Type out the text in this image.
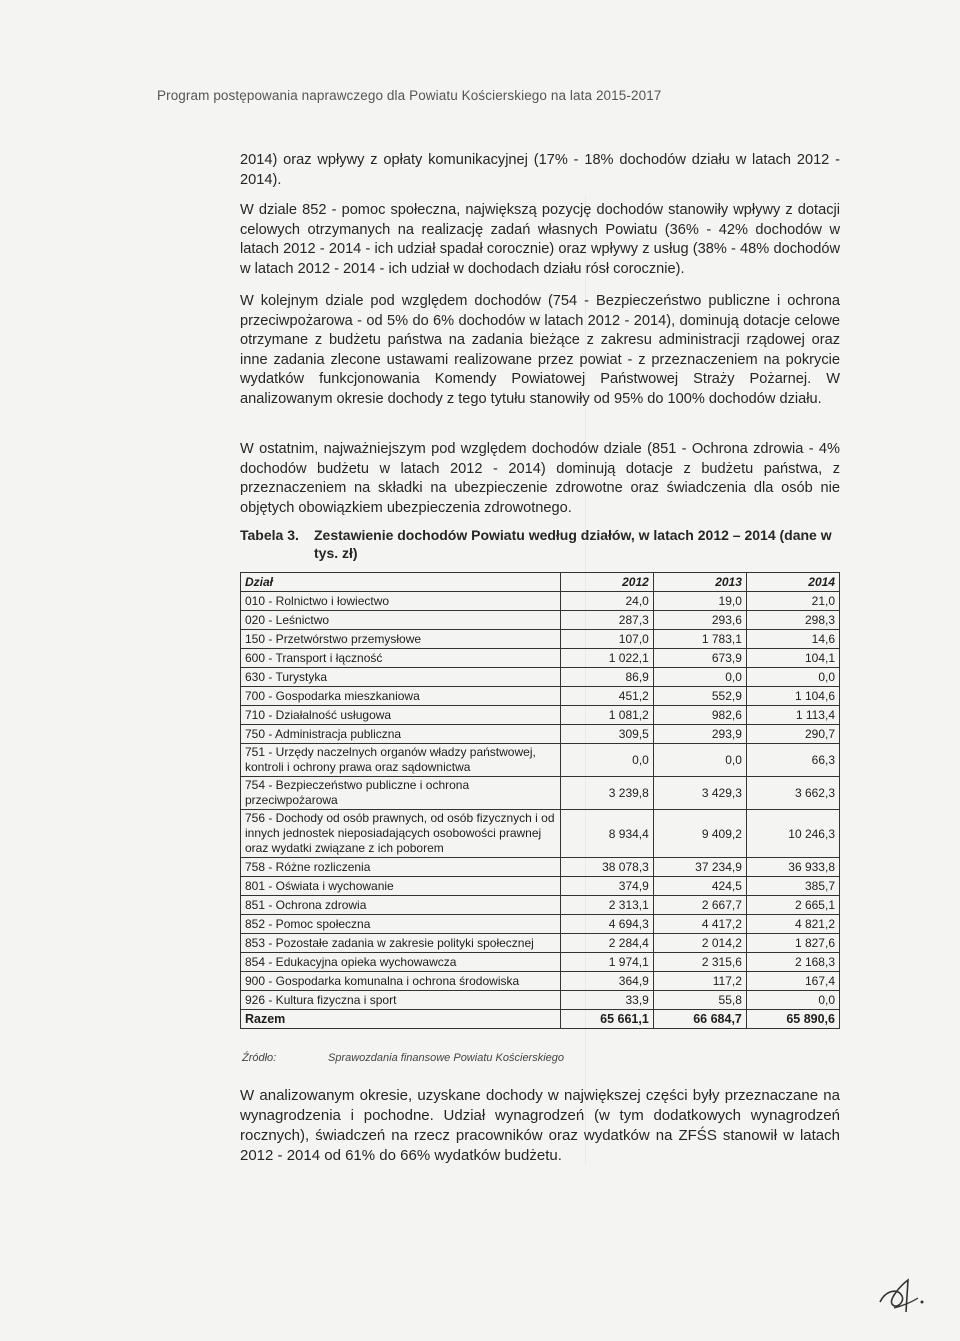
Program postępowania naprawczego dla Powiatu Kościerskiego na lata 2015-2017

2014) oraz wpływy z opłaty komunikacyjnej (17% - 18% dochodów działu w latach 2012 - 2014).

W dziale 852 - pomoc społeczna, największą pozycję dochodów stanowiły wpływy z dotacji celowych otrzymanych na realizację zadań własnych Powiatu (36% - 42% dochodów w latach 2012 - 2014 - ich udział spadał corocznie) oraz wpływy z usług (38% - 48% dochodów w latach 2012 - 2014 - ich udział w dochodach działu rósł corocznie).

W kolejnym dziale pod względem dochodów (754 - Bezpieczeństwo publiczne i ochrona przeciwpożarowa - od 5% do 6% dochodów w latach 2012 - 2014), dominują dotacje celowe otrzymane z budżetu państwa na zadania bieżące z zakresu administracji rządowej oraz inne zadania zlecone ustawami realizowane przez powiat - z przeznaczeniem na pokrycie wydatków funkcjonowania Komendy Powiatowej Państwowej Straży Pożarnej. W analizowanym okresie dochody z tego tytułu stanowiły od 95% do 100% dochodów działu.

W ostatnim, najważniejszym pod względem dochodów dziale (851 - Ochrona zdrowia - 4% dochodów budżetu w latach 2012 - 2014) dominują dotacje z budżetu państwa, z przeznaczeniem na składki na ubezpieczenie zdrowotne oraz świadczenia dla osób nie objętych obowiązkiem ubezpieczenia zdrowotnego.

Tabela 3.	Zestawienie dochodów Powiatu według działów, w latach 2012 – 2014 (dane w tys. zł)
Dział	2012	2013	2014
010 - Rolnictwo i łowiectwo	24,0	19,0	21,0
020 - Leśnictwo	287,3	293,6	298,3
150 - Przetwórstwo przemysłowe	107,0	1 783,1	14,6
600 - Transport i łączność	1 022,1	673,9	104,1
630 - Turystyka	86,9	0,0	0,0
700 - Gospodarka mieszkaniowa	451,2	552,9	1 104,6
710 - Działalność usługowa	1 081,2	982,6	1 113,4
750 - Administracja publiczna	309,5	293,9	290,7
751 - Urzędy naczelnych organów władzy państwowej, kontroli i ochrony prawa oraz sądownictwa	0,0	0,0	66,3
754 - Bezpieczeństwo publiczne i ochrona przeciwpożarowa	3 239,8	3 429,3	3 662,3
756 - Dochody od osób prawnych, od osób fizycznych i od innych jednostek nieposiadających osobowości prawnej oraz wydatki związane z ich poborem	8 934,4	9 409,2	10 246,3
758 - Różne rozliczenia	38 078,3	37 234,9	36 933,8
801 - Oświata i wychowanie	374,9	424,5	385,7
851 - Ochrona zdrowia	2 313,1	2 667,7	2 665,1
852 - Pomoc społeczna	4 694,3	4 417,2	4 821,2
853 - Pozostałe zadania w zakresie polityki społecznej	2 284,4	2 014,2	1 827,6
854 - Edukacyjna opieka wychowawcza	1 974,1	2 315,6	2 168,3
900 - Gospodarka komunalna i ochrona środowiska	364,9	117,2	167,4
926 - Kultura fizyczna i sport	33,9	55,8	0,0
Razem	65 661,1	66 684,7	65 890,6
Źródło:	Sprawozdania finansowe Powiatu Kościerskiego

W analizowanym okresie, uzyskane dochody w największej części były przeznaczane na wynagrodzenia i pochodne. Udział wynagrodzeń (w tym dodatkowych wynagrodzeń rocznych), świadczeń na rzecz pracowników oraz wydatków na ZFŚS stanowił w latach 2012 - 2014 od 61% do 66% wydatków budżetu.
